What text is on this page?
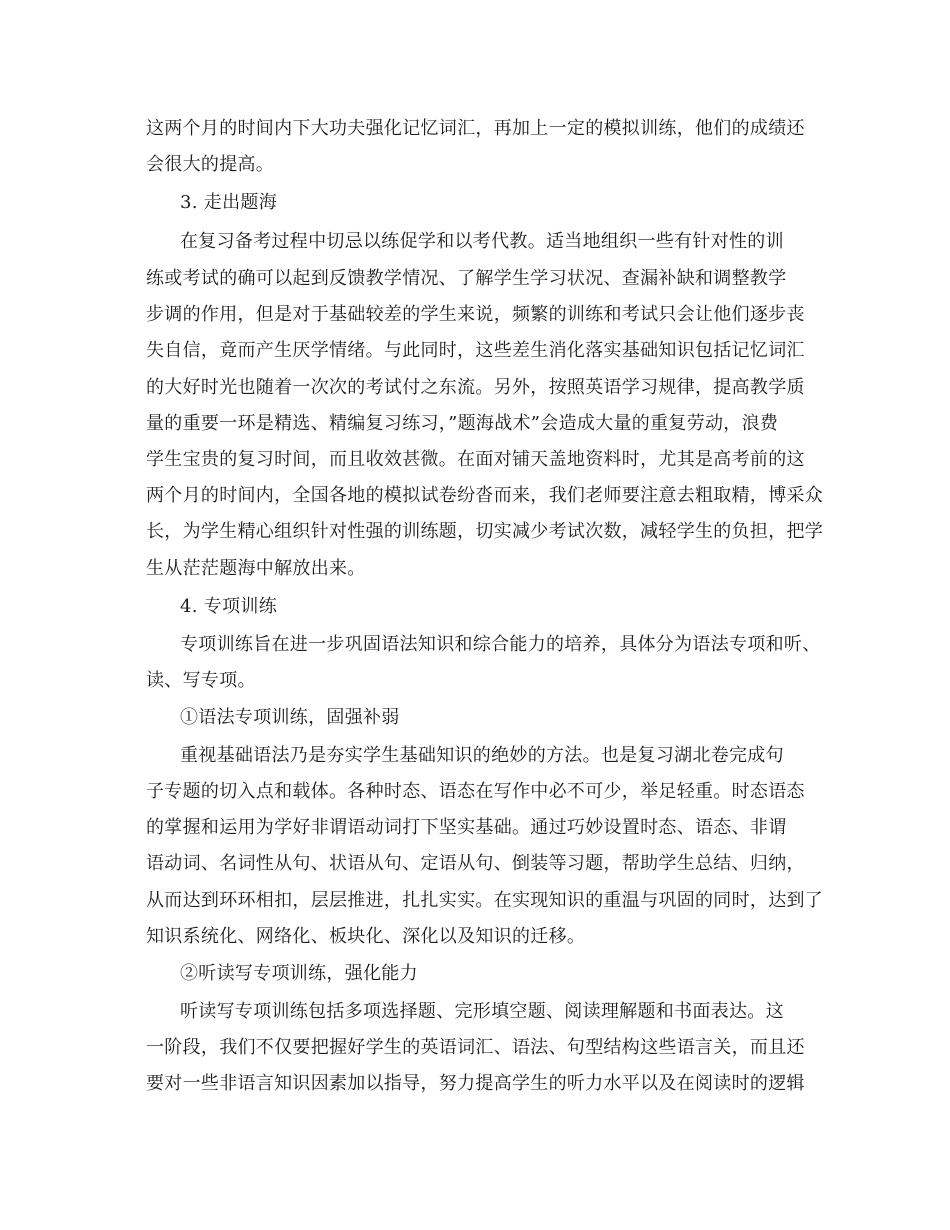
这两个月的时间内下大功夫强化记忆词汇，再加上一定的模拟训练，他们的成绩还

会很大的提高。

3. 走出题海

在复习备考过程中切忌以练促学和以考代教。适当地组织一些有针对性的训

练或考试的确可以起到反馈教学情况、了解学生学习状况、查漏补缺和调整教学

步调的作用，但是对于基础较差的学生来说，频繁的训练和考试只会让他们逐步丧

失自信，竟而产生厌学情绪。与此同时，这些差生消化落实基础知识包括记忆词汇

的大好时光也随着一次次的考试付之东流。另外，按照英语学习规律，提高教学质

量的重要一环是精选、精编复习练习，”题海战术”会造成大量的重复劳动，浪费

学生宝贵的复习时间，而且收效甚微。在面对铺天盖地资料时，尤其是高考前的这

两个月的时间内，全国各地的模拟试卷纷沓而来，我们老师要注意去粗取精，博采众

长，为学生精心组织针对性强的训练题，切实减少考试次数，减轻学生的负担，把学

生从茫茫题海中解放出来。

4. 专项训练

专项训练旨在进一步巩固语法知识和综合能力的培养，具体分为语法专项和听、

读、写专项。

①语法专项训练，固强补弱

重视基础语法乃是夯实学生基础知识的绝妙的方法。也是复习湖北卷完成句

子专题的切入点和载体。各种时态、语态在写作中必不可少，举足轻重。时态语态

的掌握和运用为学好非谓语动词打下坚实基础。通过巧妙设置时态、语态、非谓

语动词、名词性从句、状语从句、定语从句、倒装等习题，帮助学生总结、归纳，

从而达到环环相扣，层层推进，扎扎实实。在实现知识的重温与巩固的同时，达到了

知识系统化、网络化、板块化、深化以及知识的迁移。

②听读写专项训练，强化能力

听读写专项训练包括多项选择题、完形填空题、阅读理解题和书面表达。这

一阶段，我们不仅要把握好学生的英语词汇、语法、句型结构这些语言关，而且还

要对一些非语言知识因素加以指导，努力提高学生的听力水平以及在阅读时的逻辑
